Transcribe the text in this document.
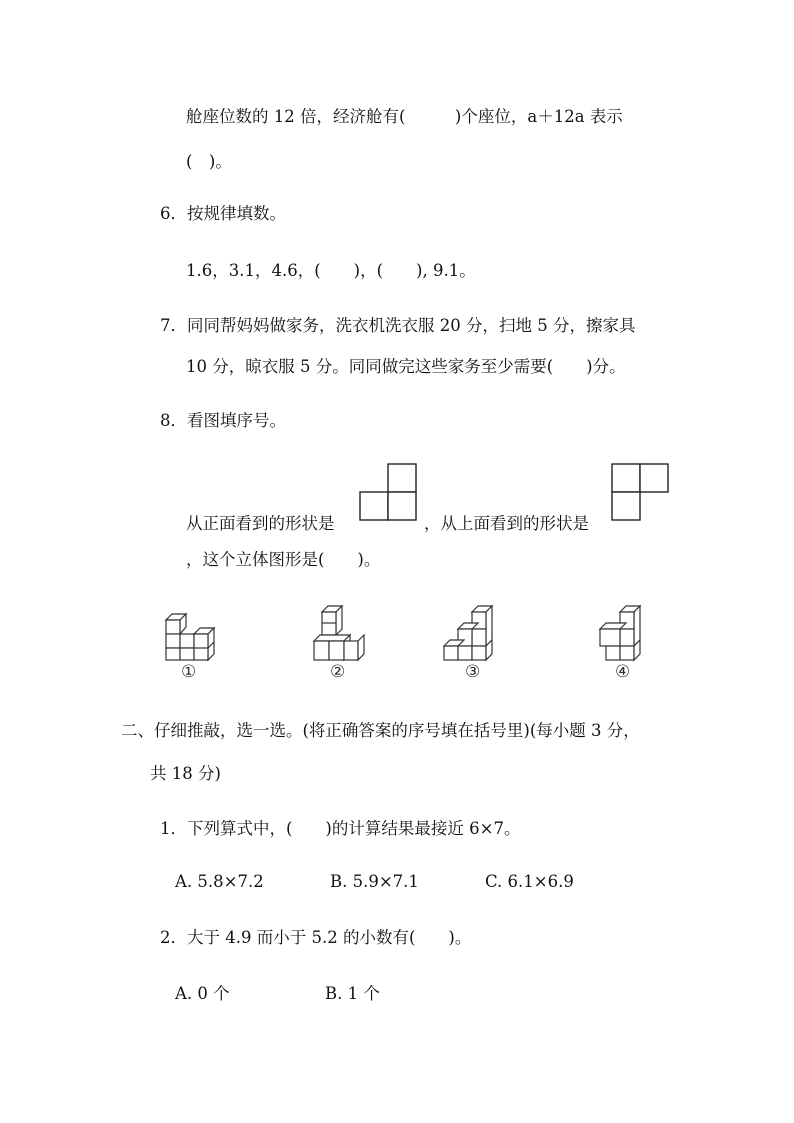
舱座位数的 12 倍，经济舱有(　　　)个座位，a＋12a 表示
(　)。
6．按规律填数。
1.6，3.1，4.6，(　　)，(　　), 9.1。
7．同同帮妈妈做家务，洗衣机洗衣服 20 分，扫地 5 分，擦家具
10 分，晾衣服 5 分。同同做完这些家务至少需要(　　)分。
8．看图填序号。
从正面看到的形状是	，从上面看到的形状是
，这个立体图形是(　　)。
①	②	③	④
二、仔细推敲，选一选。(将正确答案的序号填在括号里)(每小题 3 分，
共 18 分)
1．下列算式中，(　　)的计算结果最接近 6×7。
A. 5.8×7.2	B. 5.9×7.1	C. 6.1×6.9
2．大于 4.9 而小于 5.2 的小数有(　　)。
A. 0 个	B. 1 个
